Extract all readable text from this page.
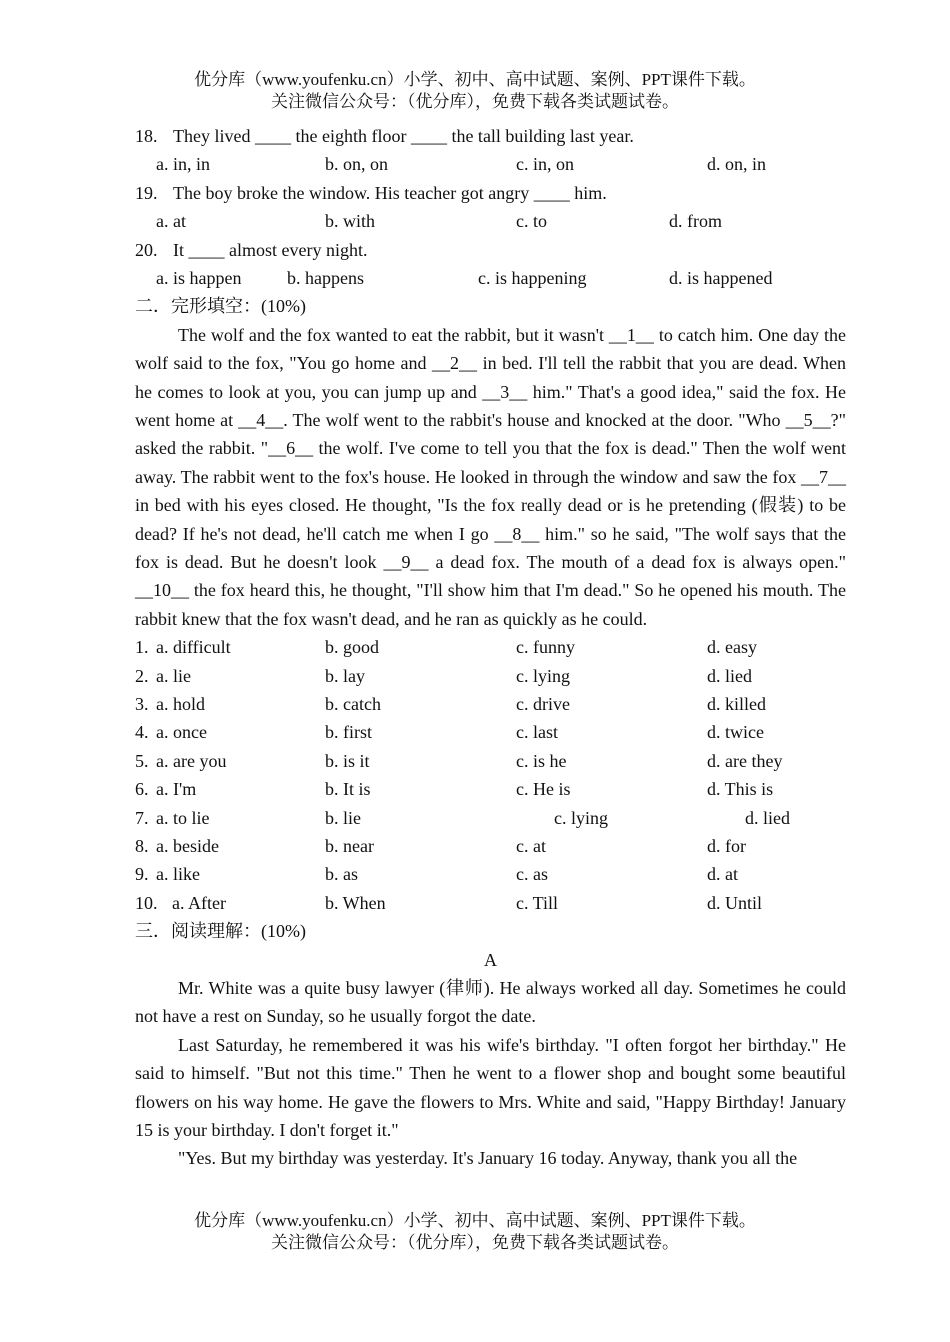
优分库（www.youfenku.cn）小学、初中、高中试题、案例、PPT课件下载。
关注微信公众号：（优分库），免费下载各类试题试卷。
18. They lived ____ the eighth floor ____ the tall building last year.
a. in, in	b. on, on	c. in, on	d. on, in
19. The boy broke the window. His teacher got angry ____ him.
a. at	b. with	c. to	d. from
20. It ____ almost every night.
a. is happen	b. happens	c. is happening	d. is happened
二．完形填空：(10%)

The wolf and the fox wanted to eat the rabbit, but it wasn't __1__ to catch him. One day the wolf said to the fox, "You go home and __2__ in bed. I'll tell the rabbit that you are dead. When he comes to look at you, you can jump up and __3__ him." That's a good idea," said the fox. He went home at __4__. The wolf went to the rabbit's house and knocked at the door. "Who __5__?" asked the rabbit. "__6__ the wolf. I've come to tell you that the fox is dead." Then the wolf went away. The rabbit went to the fox's house. He looked in through the window and saw the fox __7__ in bed with his eyes closed. He thought, "Is the fox really dead or is he pretending (假装) to be dead? If he's not dead, he'll catch me when I go __8__ him." so he said, "The wolf says that the fox is dead. But he doesn't look __9__ a dead fox. The mouth of a dead fox is always open." __10__ the fox heard this, he thought, "I'll show him that I'm dead." So he opened his mouth. The rabbit knew that the fox wasn't dead, and he ran as quickly as he could.

1. a. difficult	b. good	c. funny	d. easy
2. a. lie	b. lay	c. lying	d. lied
3. a. hold	b. catch	c. drive	d. killed
4. a. once	b. first	c. last	d. twice
5. a. are you	b. is it	c. is he	d. are they
6. a. I'm	b. It is	c. He is	d. This is
7. a. to lie	b. lie	c. lying	d. lied
8. a. beside	b. near	c. at	d. for
9. a. like	b. as	c. as	d. at
10. a. After	b. When	c. Till	d. Until
三．阅读理解：(10%)
A

Mr. White was a quite busy lawyer (律师). He always worked all day. Sometimes he could not have a rest on Sunday, so he usually forgot the date.

Last Saturday, he remembered it was his wife's birthday. "I often forgot her birthday." He said to himself. "But not this time." Then he went to a flower shop and bought some beautiful flowers on his way home. He gave the flowers to Mrs. White and said, "Happy Birthday! January 15 is your birthday. I don't forget it."

"Yes. But my birthday was yesterday. It's January 16 today. Anyway, thank you all the

优分库（www.youfenku.cn）小学、初中、高中试题、案例、PPT课件下载。
关注微信公众号：（优分库），免费下载各类试题试卷。
